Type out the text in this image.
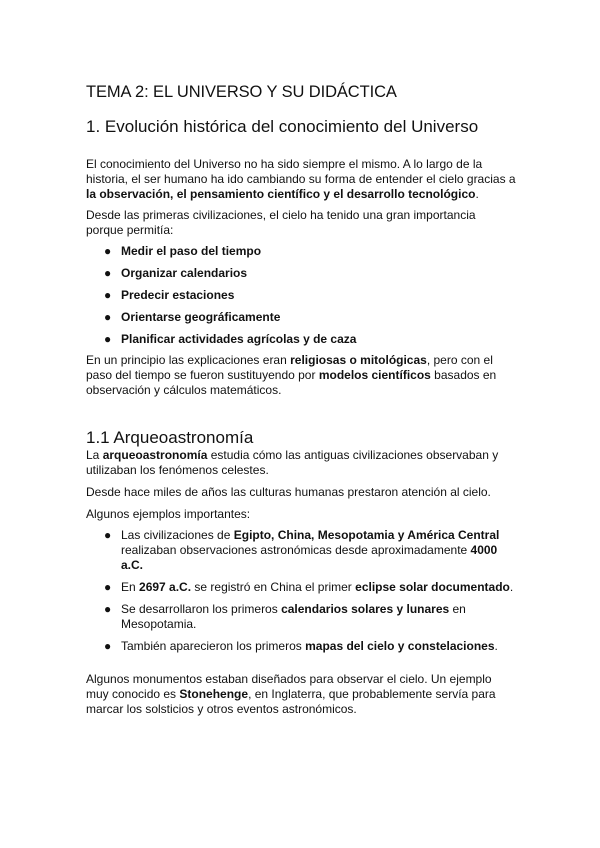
TEMA 2: EL UNIVERSO Y SU DIDÁCTICA
1. Evolución histórica del conocimiento del Universo

El conocimiento del Universo no ha sido siempre el mismo. A lo largo de la historia, el ser humano ha ido cambiando su forma de entender el cielo gracias a la observación, el pensamiento científico y el desarrollo tecnológico.

Desde las primeras civilizaciones, el cielo ha tenido una gran importancia porque permitía:

● Medir el paso del tiempo
● Organizar calendarios
● Predecir estaciones
● Orientarse geográficamente
● Planificar actividades agrícolas y de caza

En un principio las explicaciones eran religiosas o mitológicas, pero con el paso del tiempo se fueron sustituyendo por modelos científicos basados en observación y cálculos matemáticos.

1.1 Arqueoastronomía

La arqueoastronomía estudia cómo las antiguas civilizaciones observaban y utilizaban los fenómenos celestes.

Desde hace miles de años las culturas humanas prestaron atención al cielo.

Algunos ejemplos importantes:

● Las civilizaciones de Egipto, China, Mesopotamia y América Central realizaban observaciones astronómicas desde aproximadamente 4000 a.C.
● En 2697 a.C. se registró en China el primer eclipse solar documentado.
● Se desarrollaron los primeros calendarios solares y lunares en Mesopotamia.
● También aparecieron los primeros mapas del cielo y constelaciones.

Algunos monumentos estaban diseñados para observar el cielo. Un ejemplo muy conocido es Stonehenge, en Inglaterra, que probablemente servía para marcar los solsticios y otros eventos astronómicos.
